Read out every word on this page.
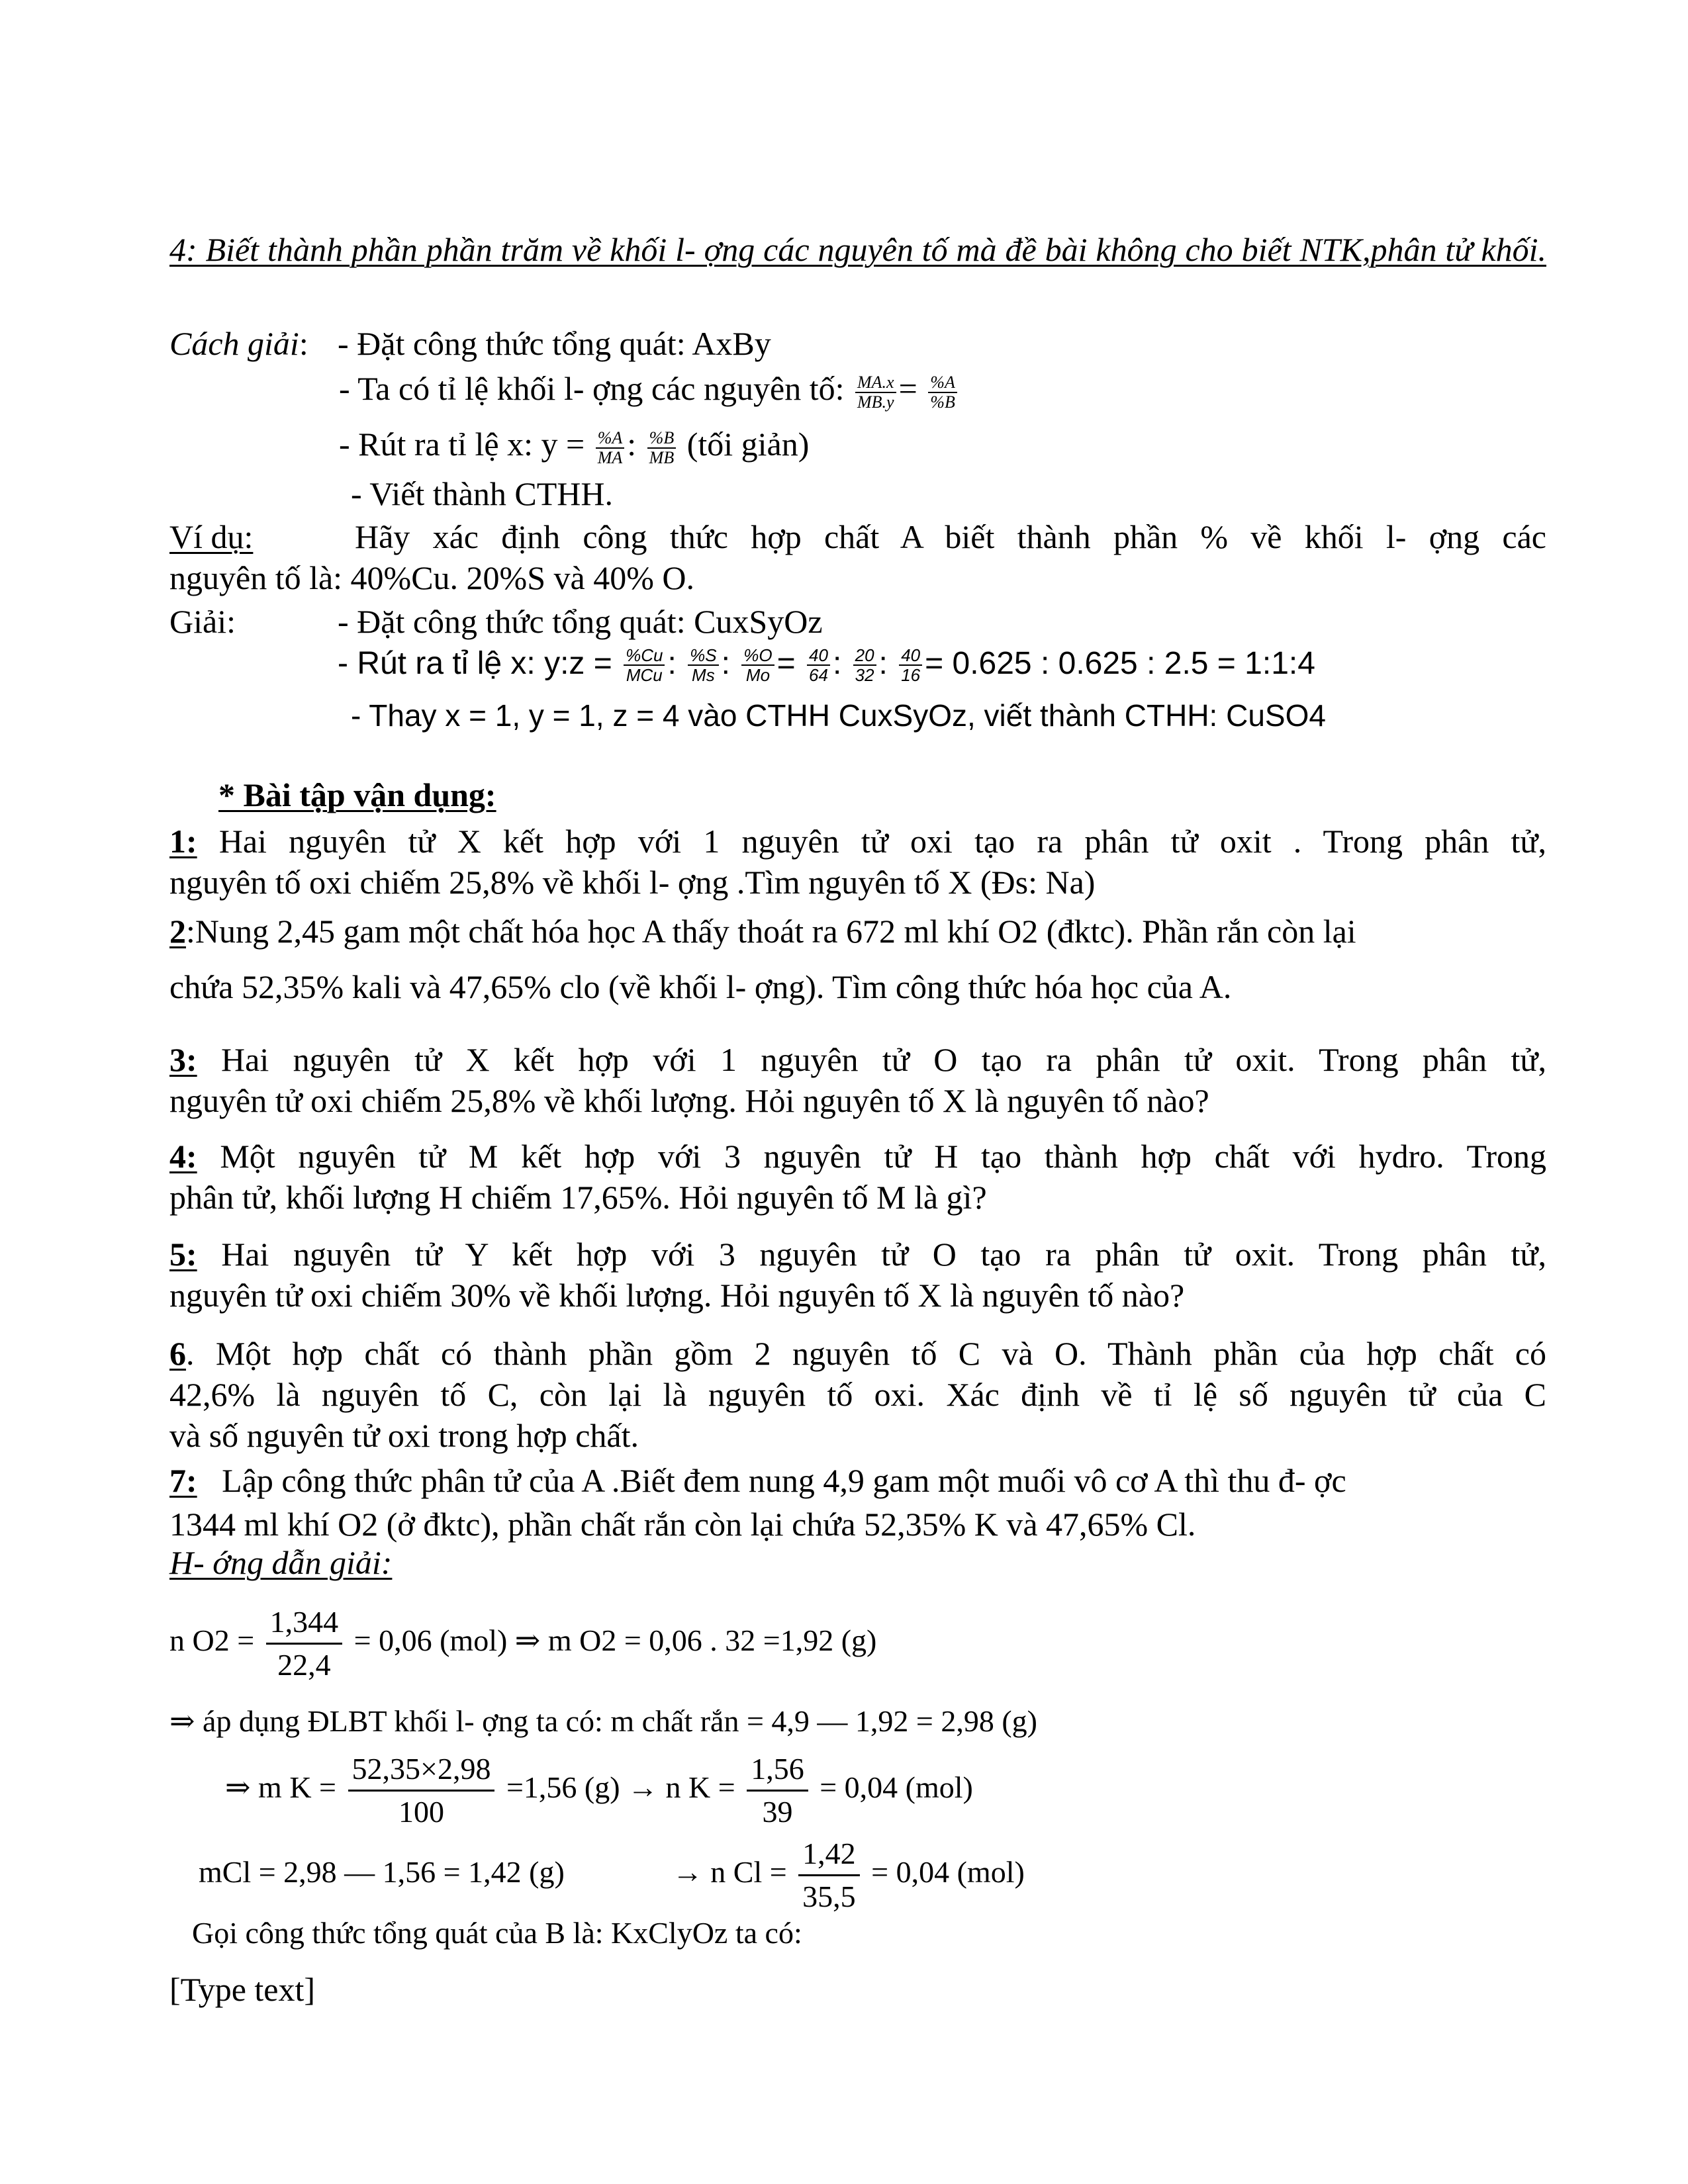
4: Biết thành phần phần trăm về khối l- ợng các nguyên tố mà đề bài không cho biết NTK,phân tử khối.
Cách giải: - Đặt công thức tổng quát: AxBy
- Ta có tỉ lệ khối l- ợng các nguyên tố: $\frac{MA.x}{MB.y} = \frac{\%A}{\%B}$
- Rút ra tỉ lệ x: $y = \frac{\%A}{MA}$ : $\frac{\%B}{MB}$ (tối giản)
- Viết thành CTHH.
Ví dụ:	Hãy xác định công thức hợp chất A biết thành phần % về khối l- ợng các
nguyên tố là: 40%Cu. 20%S và 40% O.
Giải:	- Đặt công thức tổng quát: CuxSyOz
- Rút ra tỉ lệ x: y:z = %Cu
MCu : $\frac{\%S}{Ms}$ : $\frac{\%O}{Mo} = \frac{40}{64}$ : $\frac{20}{32}$ : $\frac{40}{16} = 0.625$ : 0.625 : 2.5 = 1:1:4
- Thay x = 1, y = 1, z = 4 vào CTHH CuxSyOz, viết thành CTHH: CuSO4
* Bài tập vận dụng:
1: Hai nguyên tử X kết hợp với 1 nguyên tử oxi tạo ra phân tử oxit . Trong phân tử,
nguyên tố oxi chiếm 25,8% về khối l- ợng .Tìm nguyên tố X (Đs: Na)
2:Nung 2,45 gam một chất hóa học A thấy thoát ra 672 ml khí O2 (đktc). Phần rắn còn lại
chứa 52,35% kali và 47,65% clo (về khối l- ợng). Tìm công thức hóa học của A.
3: Hai nguyên tử X kết hợp với 1 nguyên tử O tạo ra phân tử oxit. Trong phân tử,
nguyên tử oxi chiếm 25,8% về khối lượng. Hỏi nguyên tố X là nguyên tố nào?
4: Một nguyên tử M kết hợp với 3 nguyên tử H tạo thành hợp chất với hydro. Trong
phân tử, khối lượng H chiếm 17,65%. Hỏi nguyên tố M là gì?
5: Hai nguyên tử Y kết hợp với 3 nguyên tử O tạo ra phân tử oxit. Trong phân tử,
nguyên tử oxi chiếm 30% về khối lượng. Hỏi nguyên tố X là nguyên tố nào?
6. Một hợp chất có thành phần gồm 2 nguyên tố C và O. Thành phần của hợp chất có
42,6% là nguyên tố C, còn lại là nguyên tố oxi. Xác định về tỉ lệ số nguyên tử của C
và số nguyên tử oxi trong hợp chất.
7: Lập công thức phân tử của A .Biết đem nung 4,9 gam một muối vô cơ A thì thu đ- ợc
1344 ml khí O2 (ở đktc), phần chất rắn còn lại chứa 52,35% K và 47,65% Cl.
H- ớng dẫn giải:
n $O2 = \frac{1,344}{22,4} = 0,06$ (mol) ⇒ m O2 = 0,06 . 32 =1,92 (g)
⇒ áp dụng ĐLBT khối l- ợng ta có: m chất rắn = 4,9 — 1,92 = 2,98 (g)
⇒ m $K = \frac{52,35\times 2,98}{100} =1,56$ (g) → n $K = \frac{1,56}{39} = 0,04$ (mol)
mCl = 2,98 — 1,56 = 1,42 (g)	→ n $Cl = \frac{1,42}{35,5} = 0,04$ (mol)
Gọi công thức tổng quát của B là: KxClyOz ta có:
[Type text]
